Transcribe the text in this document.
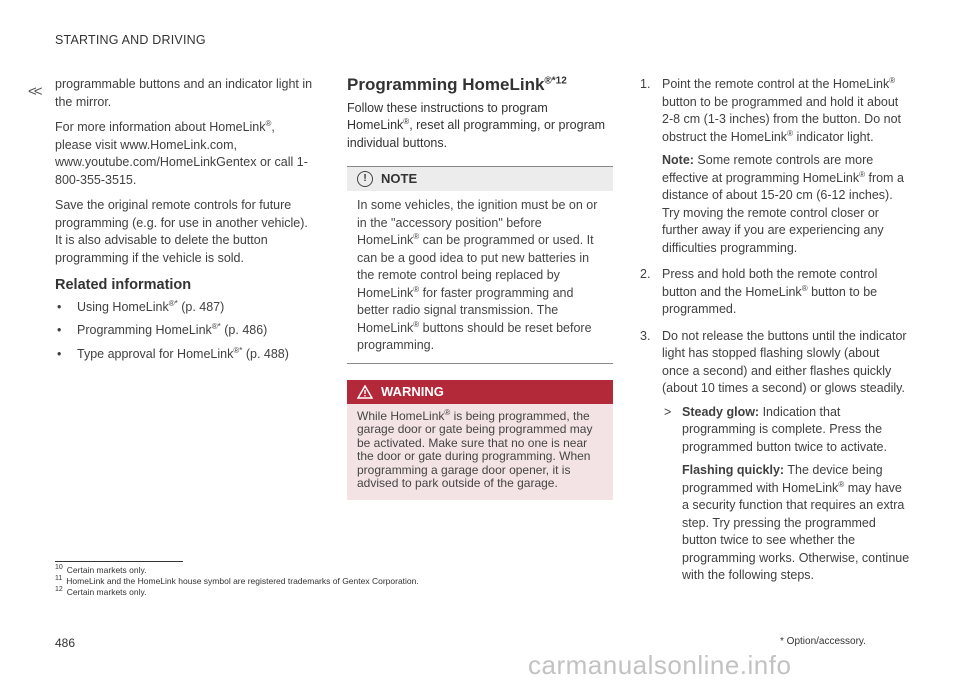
STARTING AND DRIVING
<< programmable buttons and an indicator light in the mirror.

For more information about HomeLink®, please visit www.HomeLink.com, www.youtube.com/HomeLinkGentex or call 1-800-355-3515.

Save the original remote controls for future programming (e.g. for use in another vehicle). It is also advisable to delete the button programming if the vehicle is sold.

Related information
• Using HomeLink®* (p. 487)
• Programming HomeLink®* (p. 486)
• Type approval for HomeLink®* (p. 488)
Programming HomeLink$^{®*12}$

Follow these instructions to program HomeLink®, reset all programming, or program individual buttons.

!	NOTE
In some vehicles, the ignition must be on or in the "accessory position" before HomeLink® can be programmed or used. It can be a good idea to put new batteries in the remote control being replaced by HomeLink® for faster programming and better radio signal transmission. The HomeLink® buttons should be reset before programming.
WARNING
While HomeLink® is being programmed, the garage door or gate being programmed may be activated. Make sure that no one is near the door or gate during programming. When programming a garage door opener, it is advised to park outside of the garage.
1. Point the remote control at the HomeLink® button to be programmed and hold it about 2-8 cm (1-3 inches) from the button. Do not obstruct the HomeLink® indicator light.

Note: Some remote controls are more effective at programming HomeLink® from a distance of about 15-20 cm (6-12 inches). Try moving the remote control closer or further away if you are experiencing any difficulties programming.

2. Press and hold both the remote control button and the HomeLink® button to be programmed.

3. Do not release the buttons until the indicator light has stopped flashing slowly (about once a second) and either flashes quickly (about 10 times a second) or glows steadily.

> Steady glow: Indication that programming is complete. Press the programmed button twice to activate.

Flashing quickly: The device being programmed with HomeLink® may have a security function that requires an extra step. Try pressing the programmed button twice to see whether the programming works. Otherwise, continue with the following steps.

$^{10}$ Certain markets only.
$^{11}$ HomeLink and the HomeLink house symbol are registered trademarks of Gentex Corporation.
$^{12}$ Certain markets only.
486	* Option/accessory.
carmanualsonline.info
